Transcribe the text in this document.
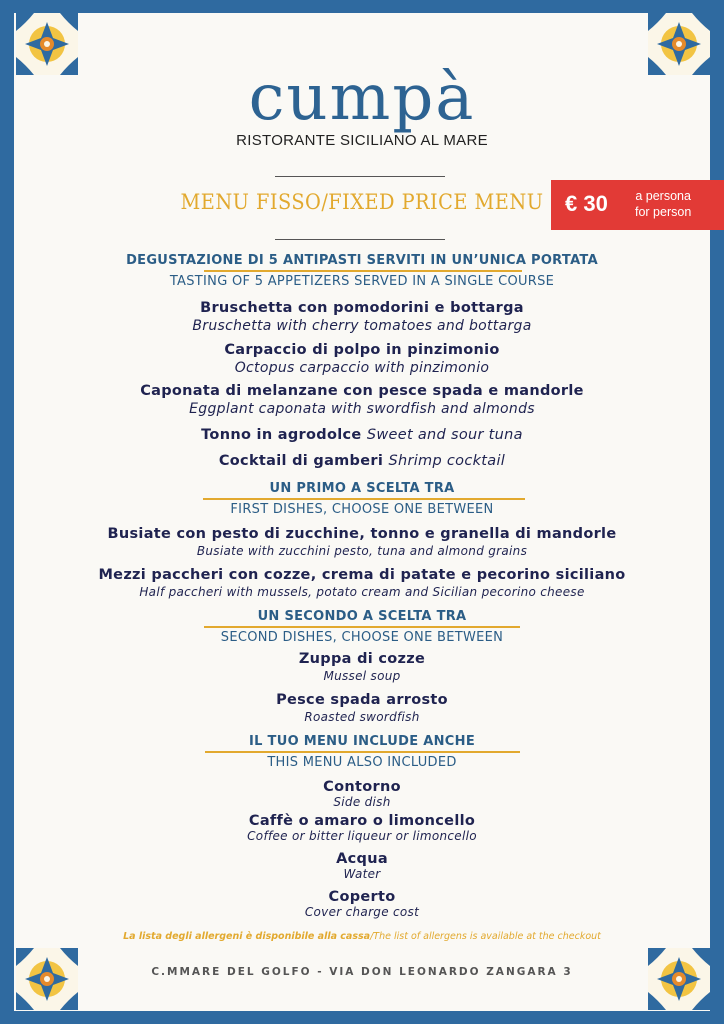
cumpà
RISTORANTE SICILIANO AL MARE
MENU FISSO/FIXED PRICE MENU € 30 a persona
for person
DEGUSTAZIONE DI 5 ANTIPASTI SERVITI IN UN’UNICA PORTATA
TASTING OF 5 APPETIZERS SERVED IN A SINGLE COURSE
Bruschetta con pomodorini e bottarga
Bruschetta with cherry tomatoes and bottarga
Carpaccio di polpo in pinzimonio
Octopus carpaccio with pinzimonio
Caponata di melanzane con pesce spada e mandorle
Eggplant caponata with swordfish and almonds
Tonno in agrodolce Sweet and sour tuna
Cocktail di gamberi Shrimp cocktail
UN PRIMO A SCELTA TRA
FIRST DISHES, CHOOSE ONE BETWEEN
Busiate con pesto di zucchine, tonno e granella di mandorle
Busiate with zucchini pesto, tuna and almond grains
Mezzi paccheri con cozze, crema di patate e pecorino siciliano
Half paccheri with mussels, potato cream and Sicilian pecorino cheese
UN SECONDO A SCELTA TRA
SECOND DISHES, CHOOSE ONE BETWEEN
Zuppa di cozze
Mussel soup
Pesce spada arrosto
Roasted swordfish
IL TUO MENU INCLUDE ANCHE
THIS MENU ALSO INCLUDED
Contorno
Side dish
Caffè o amaro o limoncello
Coffee or bitter liqueur or limoncello
Acqua
Water
Coperto
Cover charge cost
La lista degli allergeni è disponibile alla cassa/The list of allergens is available at the checkout
C.MMARE DEL GOLFO - VIA DON LEONARDO ZANGARA 3
